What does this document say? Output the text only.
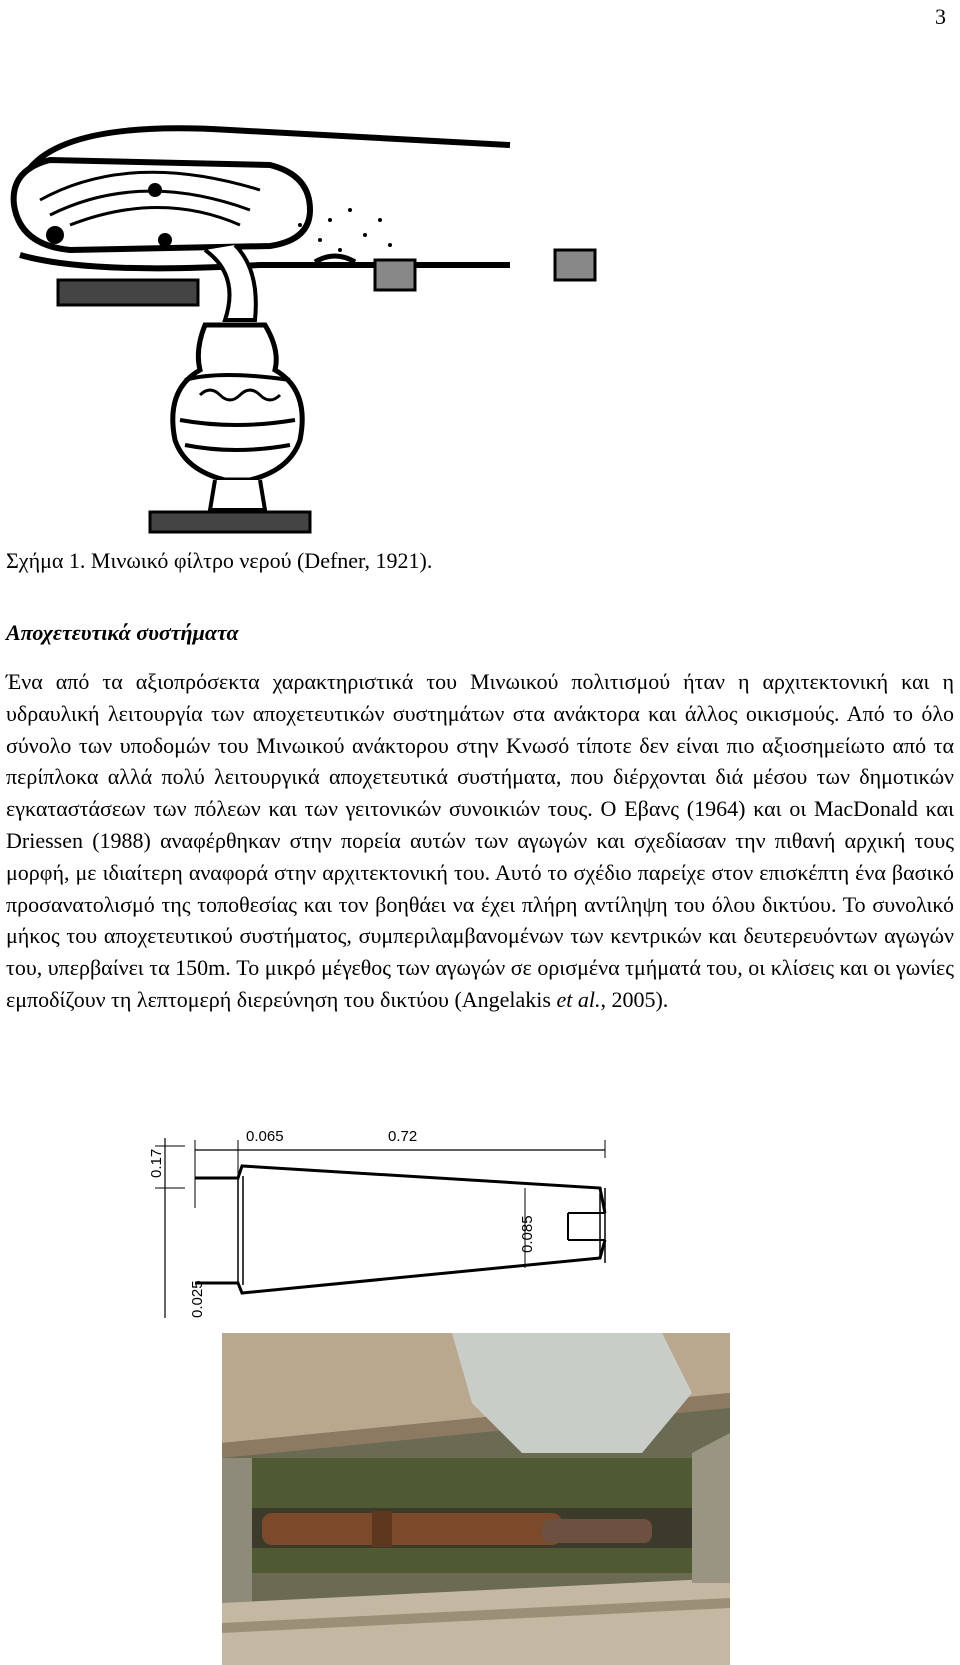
3
Σχήμα 1. Μινωικό φίλτρο νερού (Defner, 1921).
Αποχετευτικά συστήματα

Ένα από τα αξιοπρόσεκτα χαρακτηριστικά του Μινωικού πολιτισμού ήταν η αρχιτεκτονική και η υδραυλική λειτουργία των αποχετευτικών συστημάτων στα ανάκτορα και άλλος οικισμούς. Από το όλο σύνολο των υποδομών του Μινωικού ανάκτορου στην Κνωσό τίποτε δεν είναι πιο αξιοσημείωτο από τα περίπλοκα αλλά πολύ λειτουργικά αποχετευτικά συστήματα, που διέρχονται διά μέσου των δημοτικών εγκαταστάσεων των πόλεων και των γειτονικών συνοικιών τους. Ο Εβανς (1964) και οι MacDonald και Driessen (1988) αναφέρθηκαν στην πορεία αυτών των αγωγών και σχεδίασαν την πιθανή αρχική τους μορφή, με ιδιαίτερη αναφορά στην αρχιτεκτονική του. Αυτό το σχέδιο παρείχε στον επισκέπτη ένα βασικό προσανατολισμό της τοποθεσίας και τον βοηθάει να έχει πλήρη αντίληψη του όλου δικτύου. Το συνολικό μήκος του αποχετευτικού συστήματος, συμπεριλαμβανομένων των κεντρικών και δευτερευόντων αγωγών του, υπερβαίνει τα 150m. Το μικρό μέγεθος των αγωγών σε ορισμένα τμήματά του, οι κλίσεις και οι γωνίες εμποδίζουν τη λεπτομερή διερεύνηση του δικτύου (Angelakis et al., 2005).

0.065	0.72
0.17
0.025
0.085
